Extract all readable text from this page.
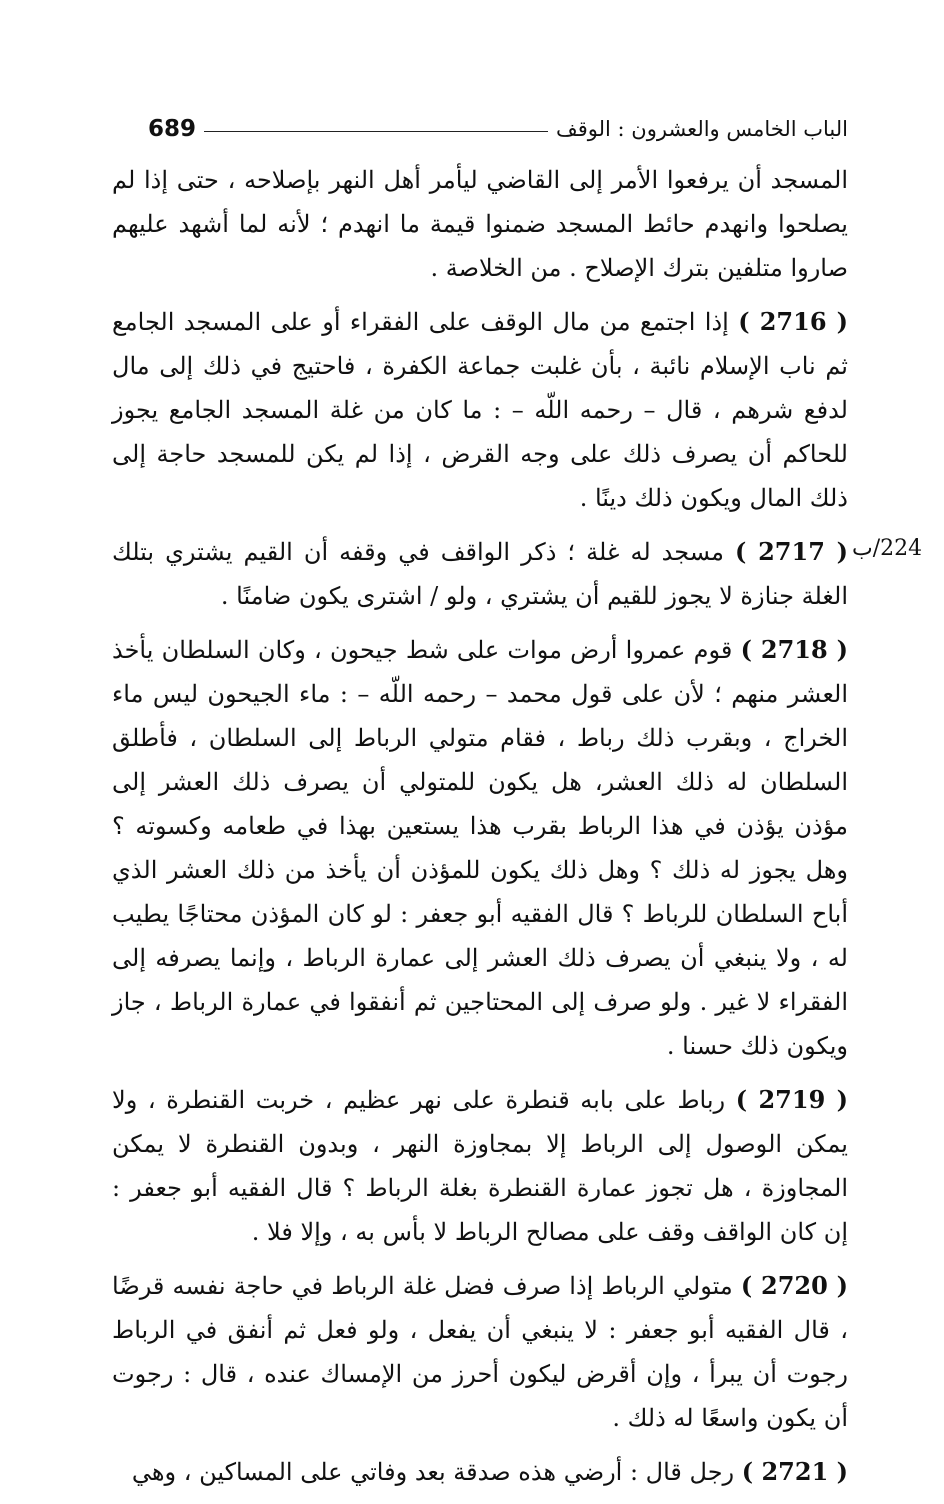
689	الباب الخامس والعشرون : الوقف
224/ب

المسجد أن يرفعوا الأمر إلى القاضي ليأمر أهل النهر بإصلاحه ، حتى إذا لم يصلحوا وانهدم حائط المسجد ضمنوا قيمة ما انهدم ؛ لأنه لما أشهد عليهم صاروا متلفين بترك الإصلاح . من الخلاصة .

( 2716 ) إذا اجتمع من مال الوقف على الفقراء أو على المسجد الجامع ثم ناب الإسلام نائبة ، بأن غلبت جماعة الكفرة ، فاحتيج في ذلك إلى مال لدفع شرهم ، قال – رحمه اللّه – : ما كان من غلة المسجد الجامع يجوز للحاكم أن يصرف ذلك على وجه القرض ، إذا لم يكن للمسجد حاجة إلى ذلك المال ويكون ذلك دينًا .

( 2717 ) مسجد له غلة ؛ ذكر الواقف في وقفه أن القيم يشتري بتلك الغلة جنازة لا يجوز للقيم أن يشتري ، ولو / اشترى يكون ضامنًا .

( 2718 ) قوم عمروا أرض موات على شط جيحون ، وكان السلطان يأخذ العشر منهم ؛ لأن على قول محمد – رحمه اللّه – : ماء الجيحون ليس ماء الخراج ، وبقرب ذلك رباط ، فقام متولي الرباط إلى السلطان ، فأطلق السلطان له ذلك العشر، هل يكون للمتولي أن يصرف ذلك العشر إلى مؤذن يؤذن في هذا الرباط بقرب هذا يستعين بهذا في طعامه وكسوته ؟ وهل يجوز له ذلك ؟ وهل ذلك يكون للمؤذن أن يأخذ من ذلك العشر الذي أباح السلطان للرباط ؟ قال الفقيه أبو جعفر : لو كان المؤذن محتاجًا يطيب له ، ولا ينبغي أن يصرف ذلك العشر إلى عمارة الرباط ، وإنما يصرفه إلى الفقراء لا غير . ولو صرف إلى المحتاجين ثم أنفقوا في عمارة الرباط ، جاز ويكون ذلك حسنا .

( 2719 ) رباط على بابه قنطرة على نهر عظيم ، خربت القنطرة ، ولا يمكن الوصول إلى الرباط إلا بمجاوزة النهر ، وبدون القنطرة لا يمكن المجاوزة ، هل تجوز عمارة القنطرة بغلة الرباط ؟ قال الفقيه أبو جعفر : إن كان الواقف وقف على مصالح الرباط لا بأس به ، وإلا فلا .

( 2720 ) متولي الرباط إذا صرف فضل غلة الرباط في حاجة نفسه قرضًا ، قال الفقيه أبو جعفر : لا ينبغي أن يفعل ، ولو فعل ثم أنفق في الرباط رجوت أن يبرأ ، وإن أقرض ليكون أحرز من الإمساك عنده ، قال : رجوت أن يكون واسعًا له ذلك .

( 2721 ) رجل قال : أرضي هذه صدقة بعد وفاتي على المساكين ، وهي
